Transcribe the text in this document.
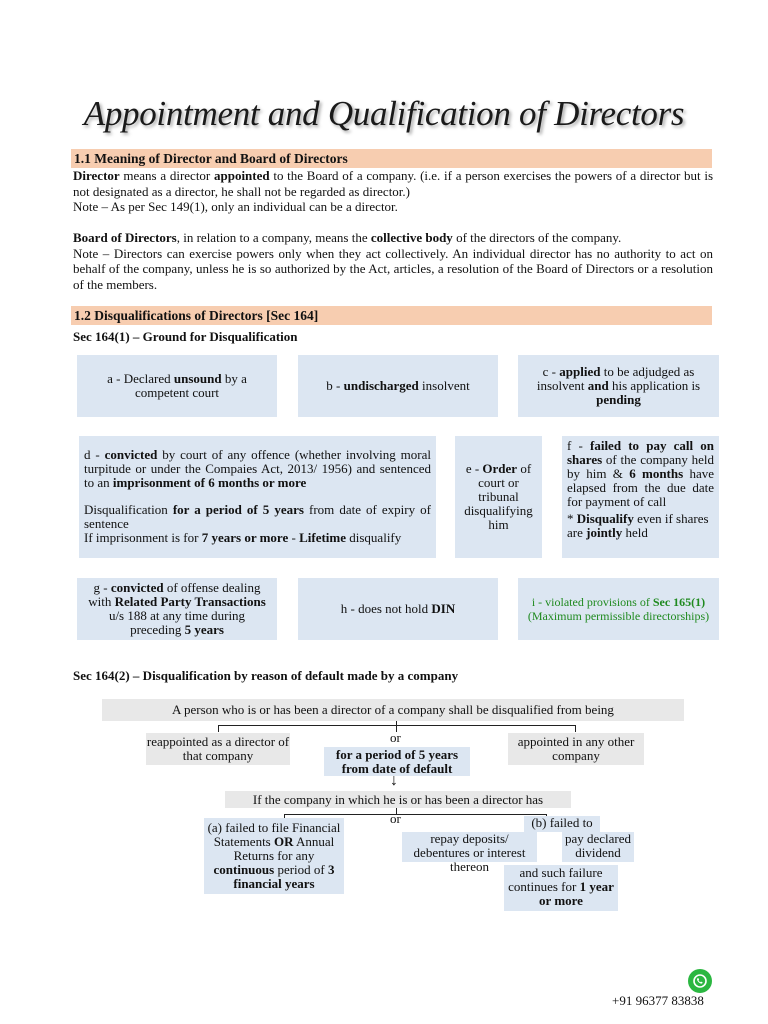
Appointment and Qualification of Directors
1.1 Meaning of Director and Board of Directors

Director means a director appointed to the Board of a company. (i.e. if a person exercises the powers of a director but is not designated as a director, he shall not be regarded as director.)

Note – As per Sec 149(1), only an individual can be a director.

Board of Directors, in relation to a company, means the collective body of the directors of the company.

Note – Directors can exercise powers only when they act collectively. An individual director has no authority to act on behalf of the company, unless he is so authorized by the Act, articles, a resolution of the Board of Directors or a resolution of the members.

1.2 Disqualifications of Directors [Sec 164]
Sec 164(1) – Ground for Disqualification
a - Declared unsound by a competent court	b - undischarged insolvent
c - applied to be adjudged as insolvent and his application is pending
d - convicted by court of any offence (whether involving moral turpitude or under the Compaies Act, 2013/ 1956) and sentenced to an imprisonment of 6 months or more
Disqualification for a period of 5 years from date of expiry of sentence
If imprisonment is for 7 years or more - Lifetime disqualify
e - Order of court or tribunal disqualifying him
f - failed to pay call on shares of the company held by him & 6 months have elapsed from the due date for payment of call
* Disqualify even if shares are jointly held
g - convicted of offense dealing with Related Party Transactions u/s 188 at any time during preceding 5 years
h - does not hold DIN	i - violated provisions of Sec 165(1)
(Maximum permissible directorships)
Sec 164(2) – Disqualification by reason of default made by a company
A person who is or has been a director of a company shall be disqualified from being
or
reappointed as a director of that company	for a period of 5 years from date of default
appointed in any other company
↓
If the company in which he is or has been a director has
or
(a) failed to file Financial Statements OR Annual Returns for any continuous period of 3 financial years
(b) failed to
repay deposits/ debentures or interest thereon
pay declared dividend
and such failure continues for 1 year or more
+91 96377 83838
